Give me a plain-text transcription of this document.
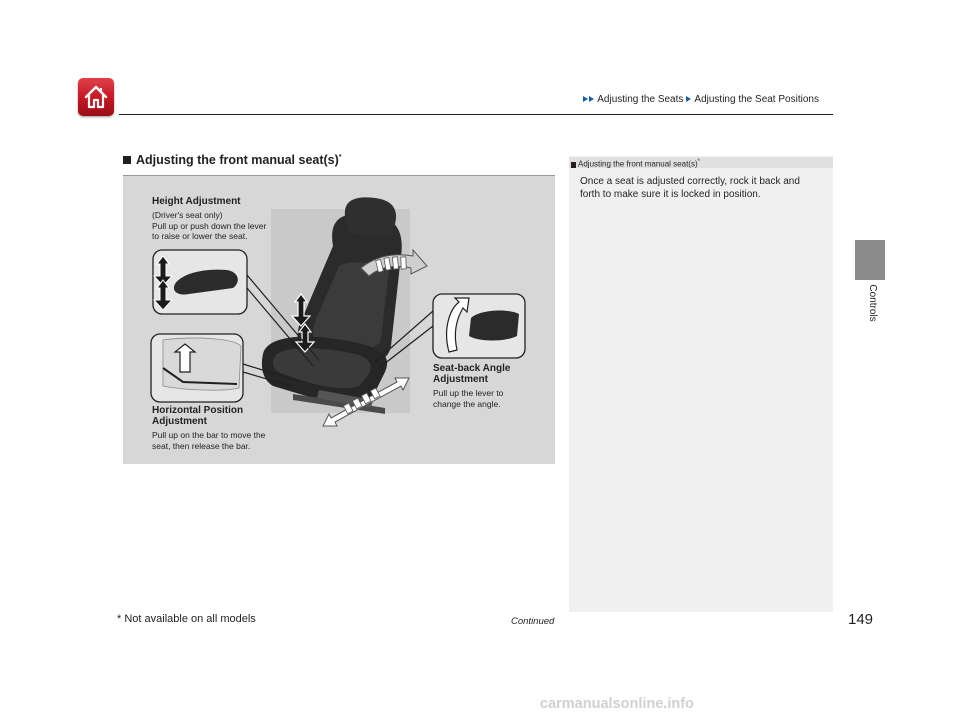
Adjusting the Seats Adjusting the Seat Positions
Controls
Adjusting the front manual seat(s)*
Height Adjustment
(Driver's seat only)
Pull up or push down the lever
to raise or lower the seat.
Seat-back Angle
Adjustment
Pull up the lever to
change the angle.
Horizontal Position
Adjustment
Pull up on the bar to move the
seat, then release the bar.
Adjusting the front manual seat(s)*
Once a seat is adjusted correctly, rock it back and forth to make sure it is locked in position.
* Not available on all models	Continued	149
carmanualsonline.info
